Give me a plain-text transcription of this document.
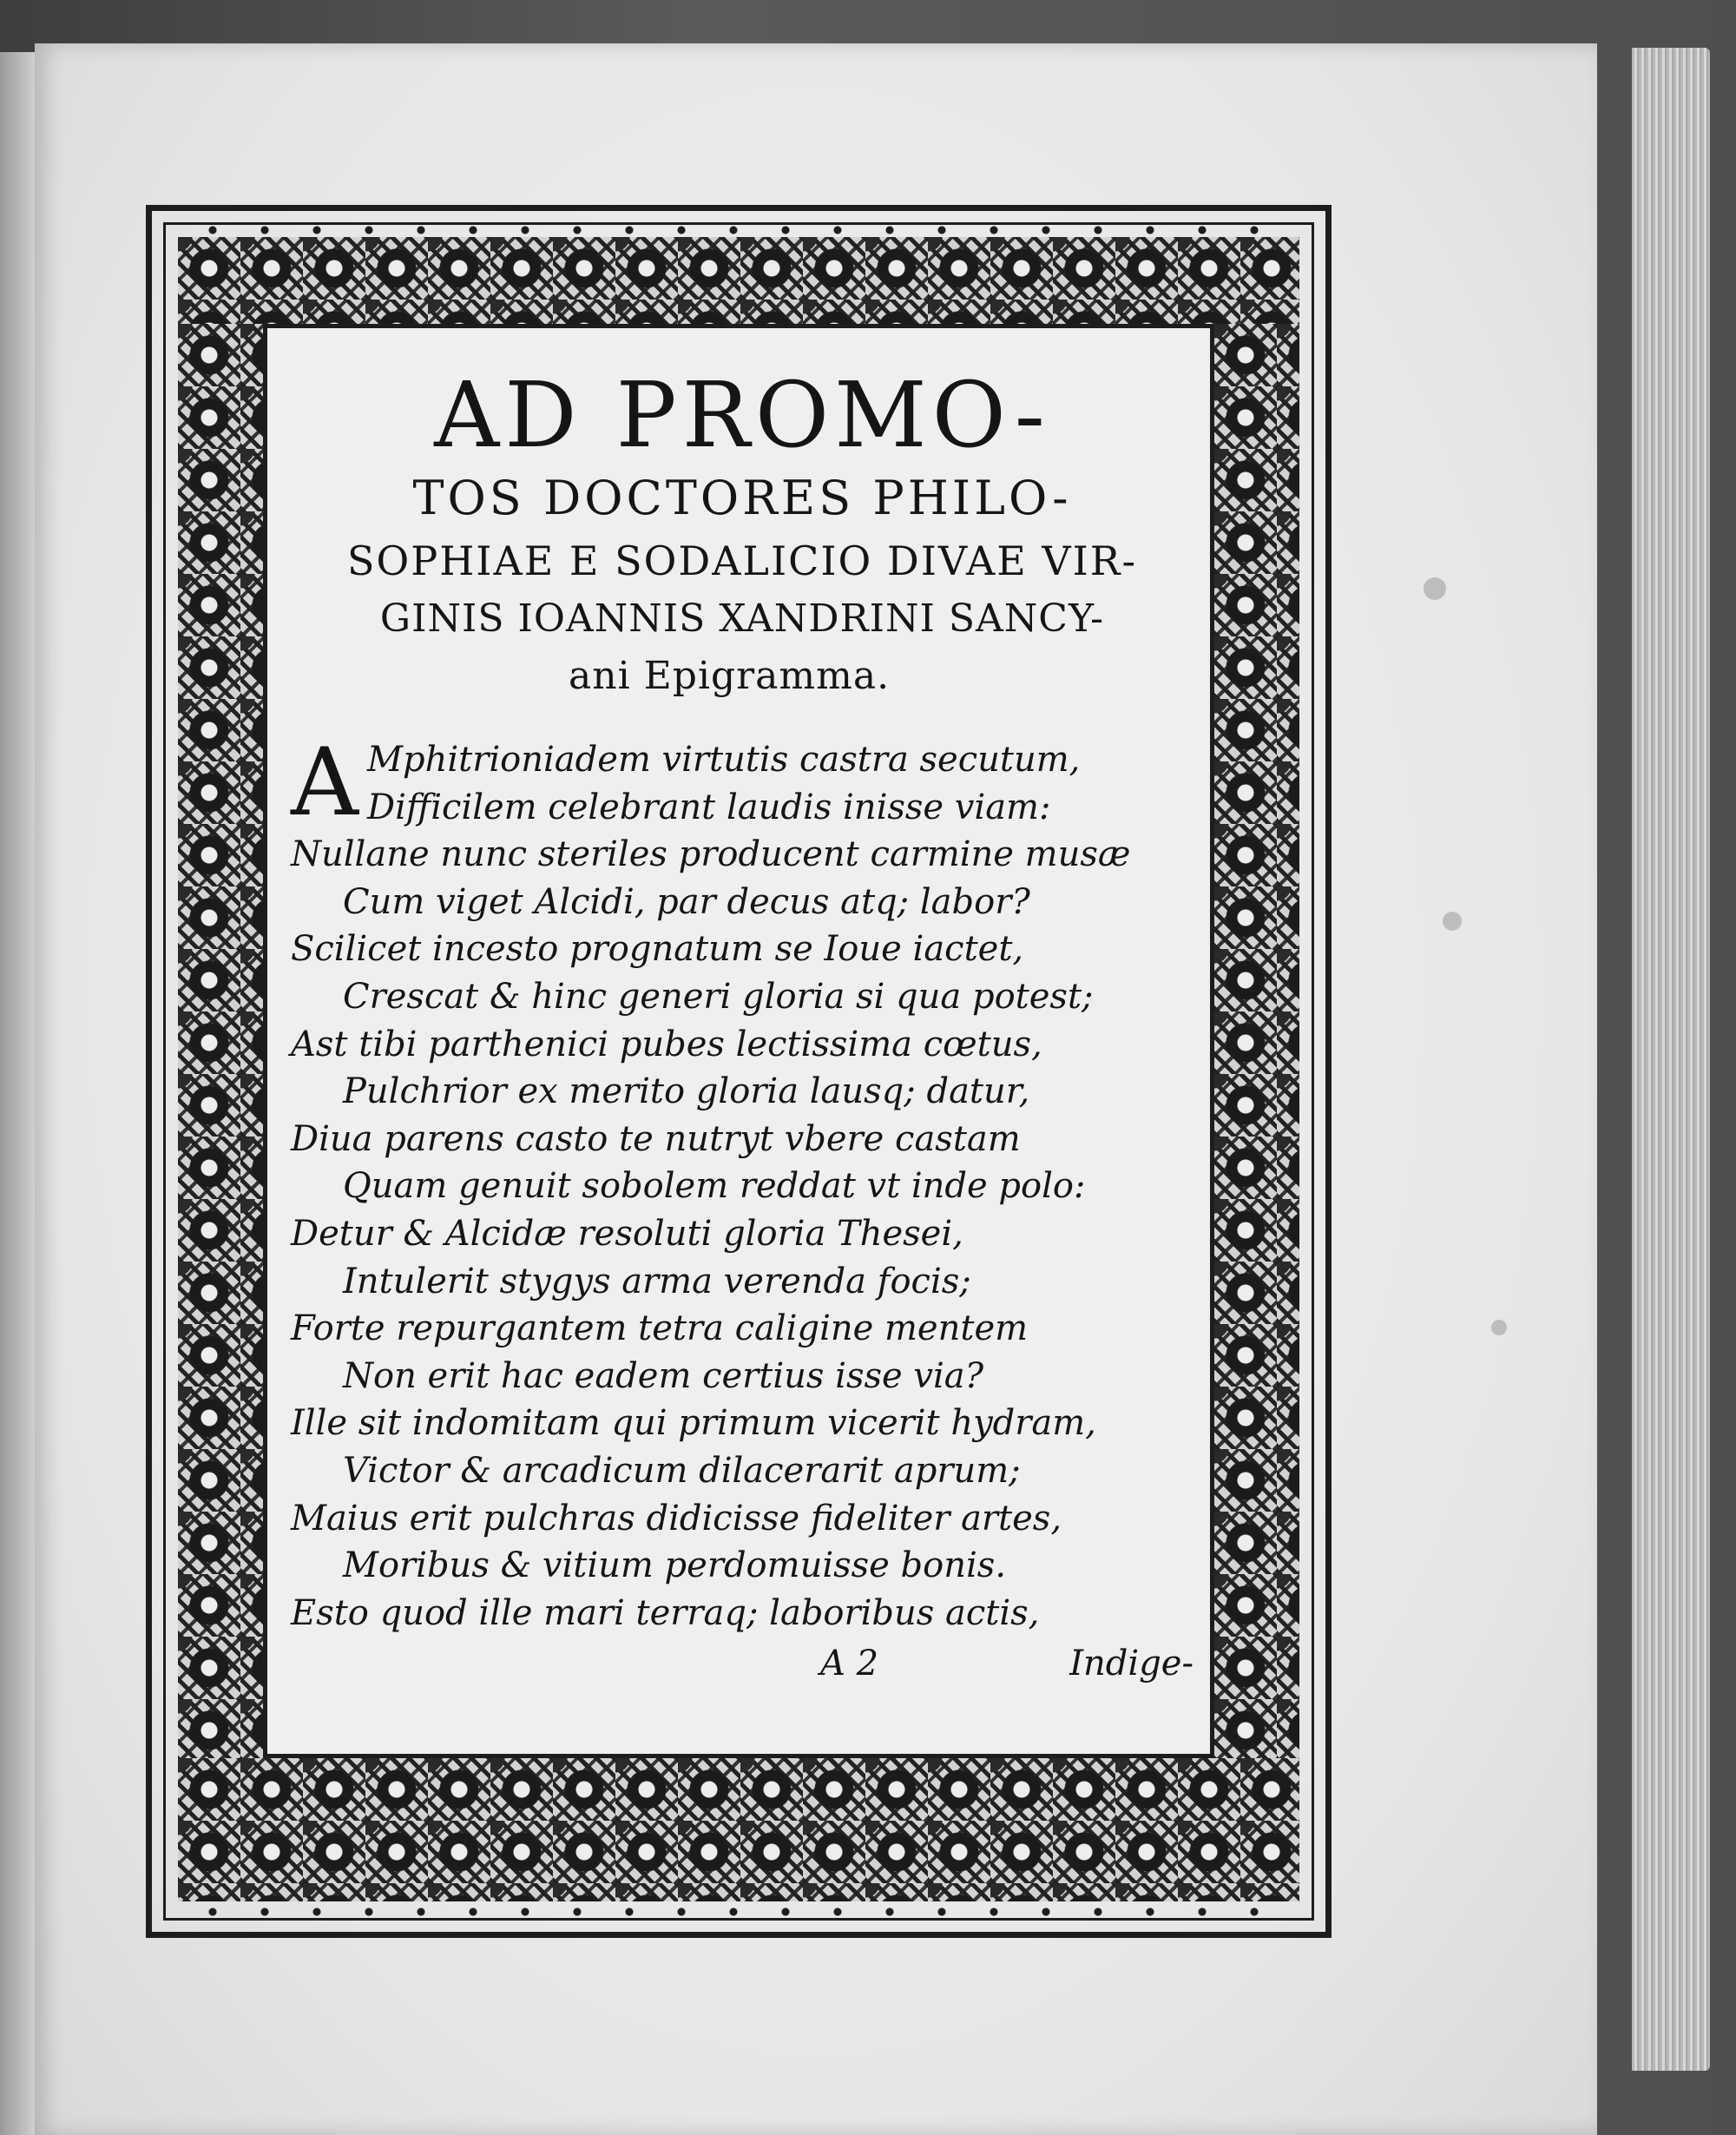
AD PROMO-
TOS DOCTORES PHILO-
SOPHIAE E SODALICIO DIVAE VIR-
GINIS IOANNIS XANDRINI SANCY-
ani Epigramma.
A Mphitrioniadem virtutis castra secutum,
Difficilem celebrant laudis inisse viam:
Nullane nunc steriles producent carmine musæ
Cum viget Alcidi, par decus atq; labor?
Scilicet incesto prognatum se Ioue iactet,
Crescat & hinc generi gloria si qua potest;
Ast tibi parthenici pubes lectissima cœtus,
Pulchrior ex merito gloria lausq; datur,
Diua parens casto te nutryt vbere castam
Quam genuit sobolem reddat vt inde polo:
Detur & Alcidæ resoluti gloria Thesei,
Intulerit stygys arma verenda focis;
Forte repurgantem tetra caligine mentem
Non erit hac eadem certius isse via?
Ille sit indomitam qui primum vicerit hydram,
Victor & arcadicum dilacerarit aprum;
Maius erit pulchras didicisse fideliter artes,
Moribus & vitium perdomuisse bonis.
Esto quod ille mari terraq; laboribus actis,
A 2	Indige-
